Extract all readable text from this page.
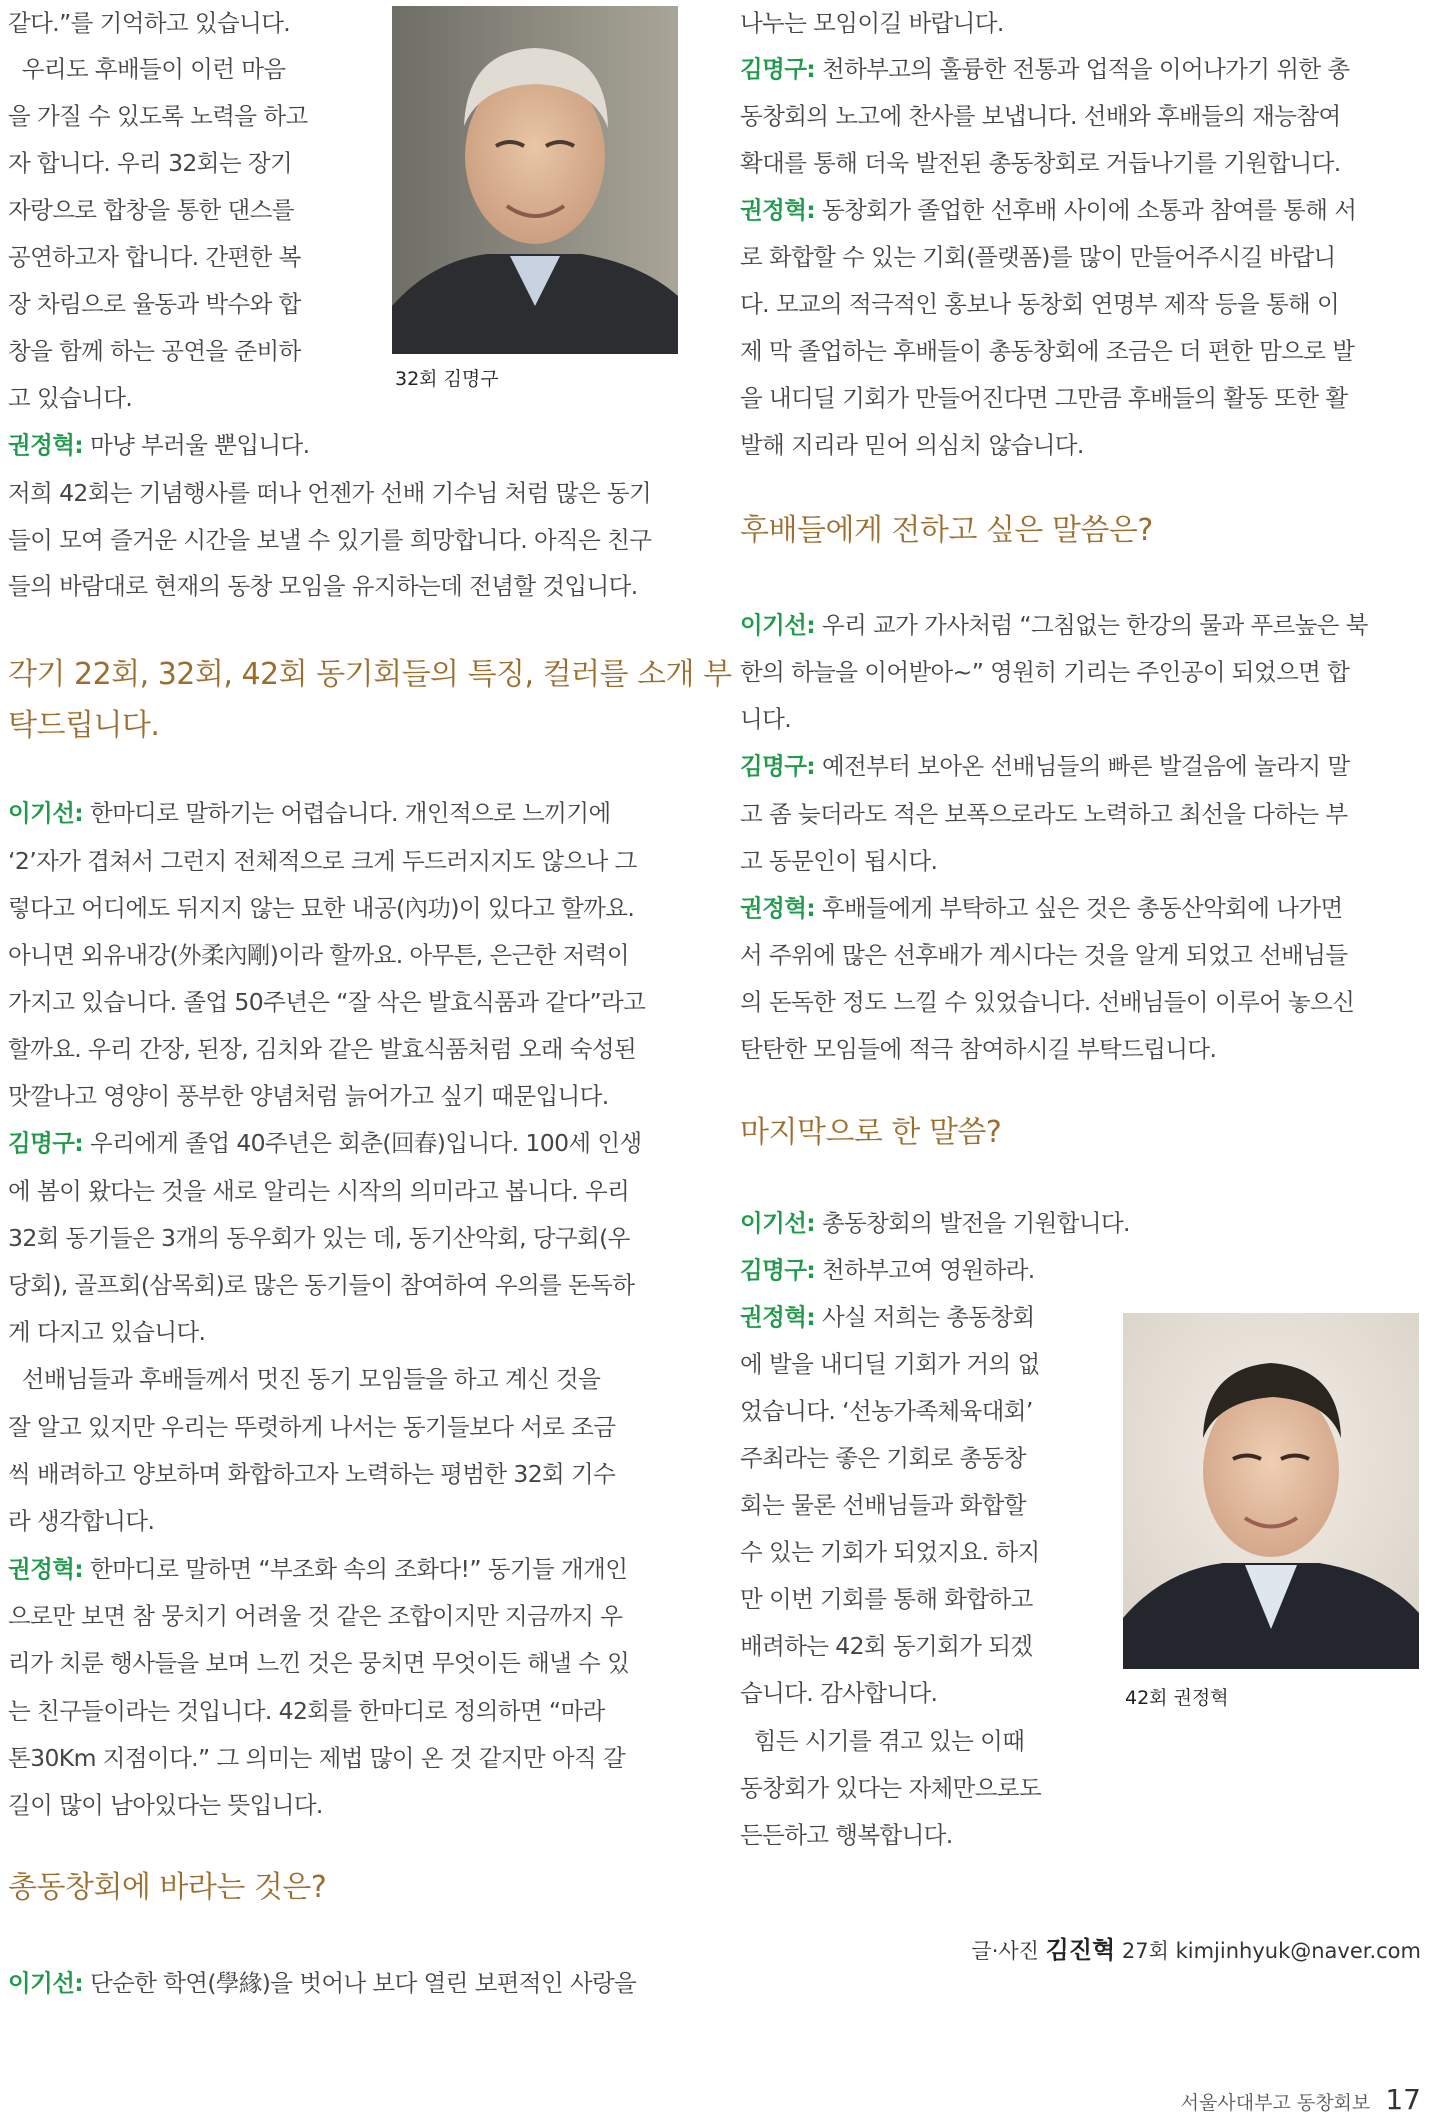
같다.”를 기억하고 있습니다.
우리도 후배들이 이런 마음
을 가질 수 있도록 노력을 하고
자 합니다. 우리 32회는 장기
자랑으로 합창을 통한 댄스를
공연하고자 합니다. 간편한 복
장 차림으로 율동과 박수와 합
창을 함께 하는 공연을 준비하
고 있습니다.
권정혁: 마냥 부러울 뿐입니다.
저희 42회는 기념행사를 떠나 언젠가 선배 기수님 처럼 많은 동기
들이 모여 즐거운 시간을 보낼 수 있기를 희망합니다. 아직은 친구
들의 바람대로 현재의 동창 모임을 유지하는데 전념할 것입니다.
각기 22회, 32회, 42회 동기회들의 특징, 컬러를 소개 부
탁드립니다.
이기선: 한마디로 말하기는 어렵습니다. 개인적으로 느끼기에
‘2’자가 겹쳐서 그런지 전체적으로 크게 두드러지지도 않으나 그
렇다고 어디에도 뒤지지 않는 묘한 내공(內功)이 있다고 할까요.
아니면 외유내강(外柔內剛)이라 할까요. 아무튼, 은근한 저력이
가지고 있습니다. 졸업 50주년은 “잘 삭은 발효식품과 같다”라고
할까요. 우리 간장, 된장, 김치와 같은 발효식품처럼 오래 숙성된
맛깔나고 영양이 풍부한 양념처럼 늙어가고 싶기 때문입니다.
김명구: 우리에게 졸업 40주년은 회춘(回春)입니다. 100세 인생
에 봄이 왔다는 것을 새로 알리는 시작의 의미라고 봅니다. 우리
32회 동기들은 3개의 동우회가 있는 데, 동기산악회, 당구회(우
당회), 골프회(삼목회)로 많은 동기들이 참여하여 우의를 돈독하
게 다지고 있습니다.
선배님들과 후배들께서 멋진 동기 모임들을 하고 계신 것을
잘 알고 있지만 우리는 뚜렷하게 나서는 동기들보다 서로 조금
씩 배려하고 양보하며 화합하고자 노력하는 평범한 32회 기수
라 생각합니다.
권정혁: 한마디로 말하면 “부조화 속의 조화다!” 동기들 개개인
으로만 보면 참 뭉치기 어려울 것 같은 조합이지만 지금까지 우
리가 치룬 행사들을 보며 느낀 것은 뭉치면 무엇이든 해낼 수 있
는 친구들이라는 것입니다. 42회를 한마디로 정의하면 “마라
톤30Km 지점이다.” 그 의미는 제법 많이 온 것 같지만 아직 갈
길이 많이 남아있다는 뜻입니다.
총동창회에 바라는 것은?
이기선: 단순한 학연(學緣)을 벗어나 보다 열린 보편적인 사랑을
32회 김명구
나누는 모임이길 바랍니다.
김명구: 천하부고의 훌륭한 전통과 업적을 이어나가기 위한 총
동창회의 노고에 찬사를 보냅니다. 선배와 후배들의 재능참여
확대를 통해 더욱 발전된 총동창회로 거듭나기를 기원합니다.
권정혁: 동창회가 졸업한 선후배 사이에 소통과 참여를 통해 서
로 화합할 수 있는 기회(플랫폼)를 많이 만들어주시길 바랍니
다. 모교의 적극적인 홍보나 동창회 연명부 제작 등을 통해 이
제 막 졸업하는 후배들이 총동창회에 조금은 더 편한 맘으로 발
을 내디딜 기회가 만들어진다면 그만큼 후배들의 활동 또한 활
발해 지리라 믿어 의심치 않습니다.
후배들에게 전하고 싶은 말씀은?
이기선: 우리 교가 가사처럼 “그침없는 한강의 물과 푸르높은 북
한의 하늘을 이어받아~” 영원히 기리는 주인공이 되었으면 합
니다.
김명구: 예전부터 보아온 선배님들의 빠른 발걸음에 놀라지 말
고 좀 늦더라도 적은 보폭으로라도 노력하고 최선을 다하는 부
고 동문인이 됩시다.
권정혁: 후배들에게 부탁하고 싶은 것은 총동산악회에 나가면
서 주위에 많은 선후배가 계시다는 것을 알게 되었고 선배님들
의 돈독한 정도 느낄 수 있었습니다. 선배님들이 이루어 놓으신
탄탄한 모임들에 적극 참여하시길 부탁드립니다.
마지막으로 한 말씀?
이기선: 총동창회의 발전을 기원합니다.
김명구: 천하부고여 영원하라.
권정혁: 사실 저희는 총동창회
에 발을 내디딜 기회가 거의 없
었습니다. ‘선농가족체육대회’
주최라는 좋은 기회로 총동창
회는 물론 선배님들과 화합할
수 있는 기회가 되었지요. 하지
만 이번 기회를 통해 화합하고
배려하는 42회 동기회가 되겠
습니다. 감사합니다.
힘든 시기를 겪고 있는 이때
동창회가 있다는 자체만으로도
든든하고 행복합니다.
42회 권정혁
글·사진 김진혁 27회 kimjinhyuk@naver.com
서울사대부고 동창회보 17
